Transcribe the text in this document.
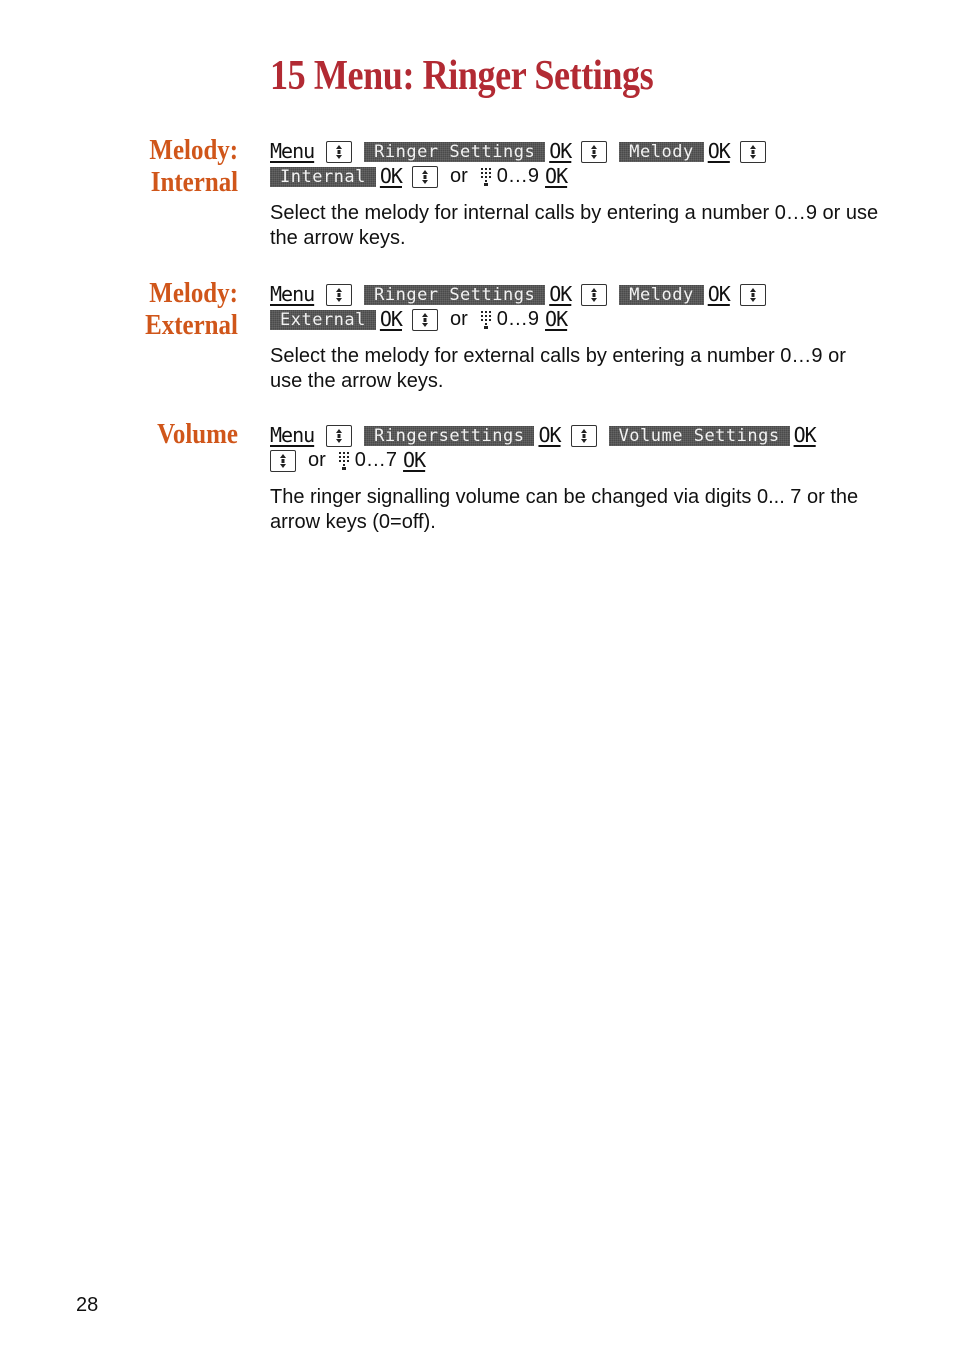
15 Menu: Ringer Settings
Melody:
Internal
Menu	Ringer Settings OK	Melody OK
Internal OK or 0…9 OK

Select the melody for internal calls by entering a number 0…9 or use the arrow keys.

Melody:
External
Menu	Ringer Settings OK	Melody OK
External OK or 0…9 OK

Select the melody for external calls by entering a number 0…9 or use the arrow keys.

Volume Menu	Ringersettings OK	Volume Settings OK
or 0…7 OK

The ringer signalling volume can be changed via digits 0... 7 or the arrow keys (0=off).

28
